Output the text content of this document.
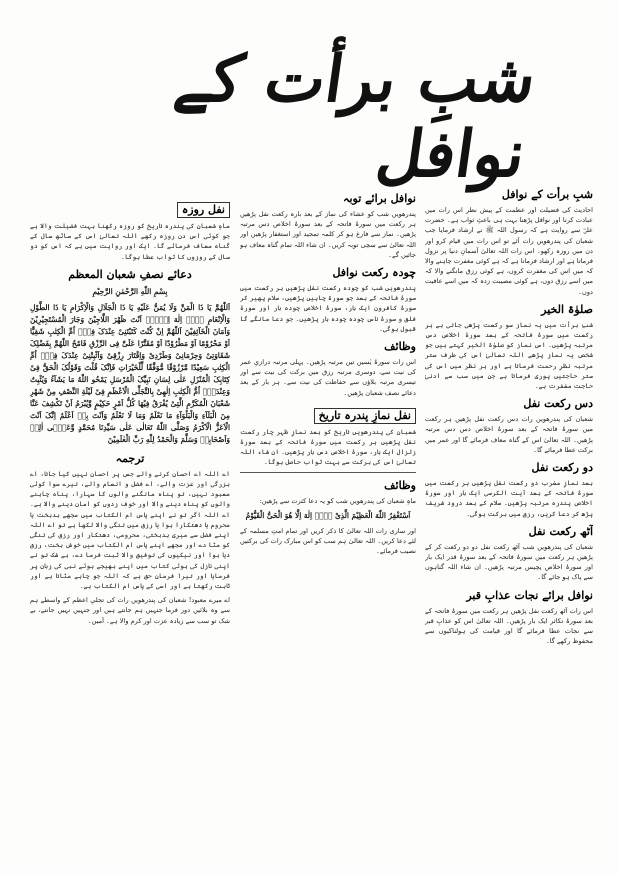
شبِ برأت کے نوافل
شبِ برأت کے نوافل

احادیث کی فضیلت اور عظمت کے پیش نظر اس رات میں عبادت کرنا اور نوافل پڑھنا بہت ہی باعثِ ثواب ہے۔ حضرت علیؓ سے روایت ہے کہ رسول اللہ ﷺ نے ارشاد فرمایا جب شعبان کی پندرھویں رات آئے تو اس رات میں قیام کرو اور دن میں روزہ رکھو۔ اس رات اللہ تعالیٰ آسمانِ دنیا پر نزول فرماتا ہے اور ارشاد فرماتا ہے کہ ہے کوئی مغفرت چاہنے والا کہ میں اس کی مغفرت کروں، ہے کوئی رزق مانگنے والا کہ میں اسے رزق دوں، ہے کوئی مصیبت زدہ کہ میں اسے عافیت دوں۔

صلوٰۃ الخیر

شبِ برأت میں یہ نماز سو رکعت پڑھی جاتی ہے ہر رکعت میں سورۂ فاتحہ کے بعد سورۂ اخلاص دس مرتبہ پڑھیں۔ اس نماز کو صلوٰۃ الخیر کہتے ہیں جو شخص یہ نماز پڑھے اللہ تعالیٰ اس کی طرف ستر مرتبہ نظرِ رحمت فرماتا ہے اور ہر نظر میں اس کی ستر حاجتیں پوری فرماتا ہے جن میں سب سے ادنیٰ حاجت مغفرت ہے۔

دس رکعت نفل

شعبان کی پندرھویں رات دس رکعت نفل پڑھیں ہر رکعت میں سورۂ فاتحہ کے بعد سورۂ اخلاص دس دس مرتبہ پڑھیں۔ اللہ تعالیٰ اس کے گناہ معاف فرمائے گا اور عمر میں برکت عطا فرمائے گا۔

دو رکعت نفل

بعد نمازِ مغرب دو رکعت نفل پڑھیں ہر رکعت میں سورۂ فاتحہ کے بعد آیت الکرسی ایک بار اور سورۂ اخلاص پندرہ مرتبہ پڑھیں۔ سلام کے بعد درود شریف پڑھ کر دعا کریں، رزق میں برکت ہوگی۔

آٹھ رکعت نفل

شعبان کی پندرھویں شب آٹھ رکعت نفل دو دو رکعت کر کے پڑھیں ہر رکعت میں سورۂ فاتحہ کے بعد سورۂ قدر ایک بار اور سورۂ اخلاص پچیس مرتبہ پڑھیں۔ ان شاء اللہ گناہوں سے پاک ہو جائے گا۔

نوافل برائے نجات عذابِ قبر

اس رات آٹھ رکعت نفل پڑھیں ہر رکعت میں سورۂ فاتحہ کے بعد سورۂ تکاثر ایک بار پڑھیں۔ اللہ تعالیٰ اس کو عذابِ قبر سے نجات عطا فرمائے گا اور قیامت کی ہولناکیوں سے محفوظ رکھے گا۔

نوافل برائے توبہ

پندرھویں شب کو عشاء کی نماز کے بعد بارہ رکعت نفل پڑھیں ہر رکعت میں سورۂ فاتحہ کے بعد سورۂ اخلاص دس مرتبہ پڑھیں۔ نماز سے فارغ ہو کر کلمہ تمجید اور استغفار پڑھیں اور اللہ تعالیٰ سے سچی توبہ کریں۔ ان شاء اللہ تمام گناہ معاف ہو جائیں گے۔

چودہ رکعت نوافل

پندرھویں شب کو چودہ رکعت نفل پڑھیں ہر رکعت میں سورۂ فاتحہ کے بعد جو سورۃ چاہیں پڑھیں، سلام پھیر کر سورۂ کافرون ایک بار، سورۂ اخلاص چودہ بار اور سورۂ فلق و سورۂ ناس چودہ چودہ بار پڑھیں۔ جو دعا مانگے گا قبول ہوگی۔

وظائف

اس رات سورۂ یٰسین تین مرتبہ پڑھیں۔ پہلی مرتبہ درازیِ عمر کی نیت سے، دوسری مرتبہ رزق میں برکت کی نیت سے اور تیسری مرتبہ بلاؤں سے حفاظت کی نیت سے۔ ہر بار کے بعد دعائے نصف شعبان پڑھیں۔

نفل نمازِ پندرہ تاریخ

شعبان کی پندرھویں تاریخ کو بعد نمازِ ظہر چار رکعت نفل پڑھیں ہر رکعت میں سورۂ فاتحہ کے بعد سورۂ زلزال ایک بار، سورۂ اخلاص دس بار پڑھیں۔ ان شاء اللہ تعالیٰ اس کی برکت سے بہت ثواب حاصل ہوگا۔

وظائف

ماہِ شعبان کی پندرھویں شب کو یہ دعا کثرت سے پڑھیں:

اَسْتَغْفِرُ اللّٰهَ الْعَظِیْمَ الَّذِیْ لَاۤ اِلٰهَ اِلَّا هُوَ الْحَیُّ الْقَیُّوْمُ

اور ساری رات اللہ تعالیٰ کا ذکر کریں اور تمام امتِ مسلمہ کے لئے دعا کریں۔ اللہ تعالیٰ ہم سب کو اس مبارک رات کی برکتیں نصیب فرمائے۔

نفل روزہ

ماہِ شعبان کی پندرہ تاریخ کو روزہ رکھنا بہت فضیلت والا ہے جو کوئی اس دن روزہ رکھے اللہ تعالیٰ اس کے ساٹھ سال کے گناہ معاف فرمائے گا۔ ایک اور روایت میں ہے کہ اس کو دو سال کے روزوں کا ثواب عطا ہوگا۔

دعائے نصفِ شعبان المعظم
بِسْمِ اللّٰهِ الرَّحْمٰنِ الرَّحِیْمِ
اَللّٰهُمَّ یَا ذَا الْمَنِّ وَلَا یُمَنُّ عَلَیْهِ یَا ذَا الْجَلَالِ وَالْاِکْرَامِ یَا ذَا الطَّوْلِ وَالْاِنْعَامِ لَاۤ اِلٰهَ اِلَّاۤ اَنْتَ ظَهْرَ اللَّاجِیْنَ وَجَارَ الْمُسْتَجِیْرِیْنَ وَاَمَانَ الْخَآئِفِیْنَ اَللّٰهُمَّ اِنْ کُنْتَ کَتَبْتَنِیْ عِنْدَکَ فِیْۤ اُمِّ الْکِتٰبِ شَقِیًّا اَوْ مَحْرُوْمًا اَوْ مَطْرُوْدًا اَوْ مُقَتَّرًا عَلَیَّ فِی الرِّزْقِ فَامْحُ اللّٰهُمَّ بِفَضْلِکَ شَقَاوَتِیْ وَحِرْمَانِیْ وَطَرْدِیْ وَاِقْتَارَ رِزْقِیْ وَاَثْبِتْنِیْ عِنْدَکَ فِیْۤ اُمِّ الْکِتٰبِ سَعِیْدًا مَّرْزُوْقًا مُّوَفَّقًا لِّلْخَیْرَاتِ فَاِنَّکَ قُلْتَ وَقَوْلُکَ الْحَقُّ فِیْ کِتَابِکَ الْمُنْزَلِ عَلٰی لِسَانِ نَبِیِّکَ الْمُرْسَلِ یَمْحُو اللّٰهُ مَا یَشَآءُ وَیُثْبِتُ وَعِنْدَهٗۤ اُمُّ الْکِتٰبِ اِلٰهِیْ بِالتَّجَلِّی الْاَعْظَمِ فِیْ لَیْلَةِ النِّصْفِ مِنْ شَهْرِ شَعْبَانَ الْمُکَرَّمِ الَّتِیْ یُفْرَقُ فِیْهَا کُلُّ اَمْرٍ حَکِیْمٍ وَّیُبْرَمُ اَنْ تَکْشِفَ عَنَّا مِنَ الْبَلَآءِ وَالْبَلْوَآءِ مَا نَعْلَمُ وَمَا لَا نَعْلَمُ وَاَنْتَ بِهٖ اَعْلَمُ اِنَّکَ اَنْتَ الْاَعَزُّ الْاَکْرَمُ وَصَلَّى اللّٰهُ تَعَالٰى عَلٰى سَیِّدِنَا مُحَمَّدٍ وَّعَلٰۤى اٰلِهٖ وَاَصْحَابِهٖ وَسَلَّمَ وَالْحَمْدُ لِلّٰهِ رَبِّ الْعٰلَمِیْنَ
ترجمہ

اے اللہ اے احسان کرنے والے جس پر احسان نہیں کیا جاتا، اے بزرگی اور عزت والے، اے فضل و انعام والے، تیرے سوا کوئی معبود نہیں، تو پناہ مانگنے والوں کا سہارا، پناہ چاہنے والوں کو پناہ دینے والا اور خوف زدوں کو امان دینے والا ہے۔ اے اللہ اگر تو نے اپنے پاس ام الکتاب میں مجھے بدبخت یا محروم یا دھتکارا ہوا یا رزق میں تنگی والا لکھا ہے تو اے اللہ اپنے فضل سے میری بدبختی، محرومی، دھتکار اور رزق کی تنگی کو مٹا دے اور مجھے اپنے پاس ام الکتاب میں خوش بخت، رزق دیا ہوا اور نیکیوں کی توفیق والا ثبت فرما دے، بے شک تو نے اپنی نازل کی ہوئی کتاب میں اپنے بھیجے ہوئے نبی کی زبان پر فرمایا اور تیرا فرمان حق ہے کہ اللہ جو چاہے مٹاتا ہے اور ثابت رکھتا ہے اور اسی کے پاس ام الکتاب ہے۔

اے میرے معبود! شعبان کی پندرھویں رات کی تجلیِ اعظم کے واسطے ہم سے وہ بلائیں دور فرما جنہیں ہم جانتے ہیں اور جنہیں نہیں جانتے، بے شک تو سب سے زیادہ عزت اور کرم والا ہے۔ آمین۔
